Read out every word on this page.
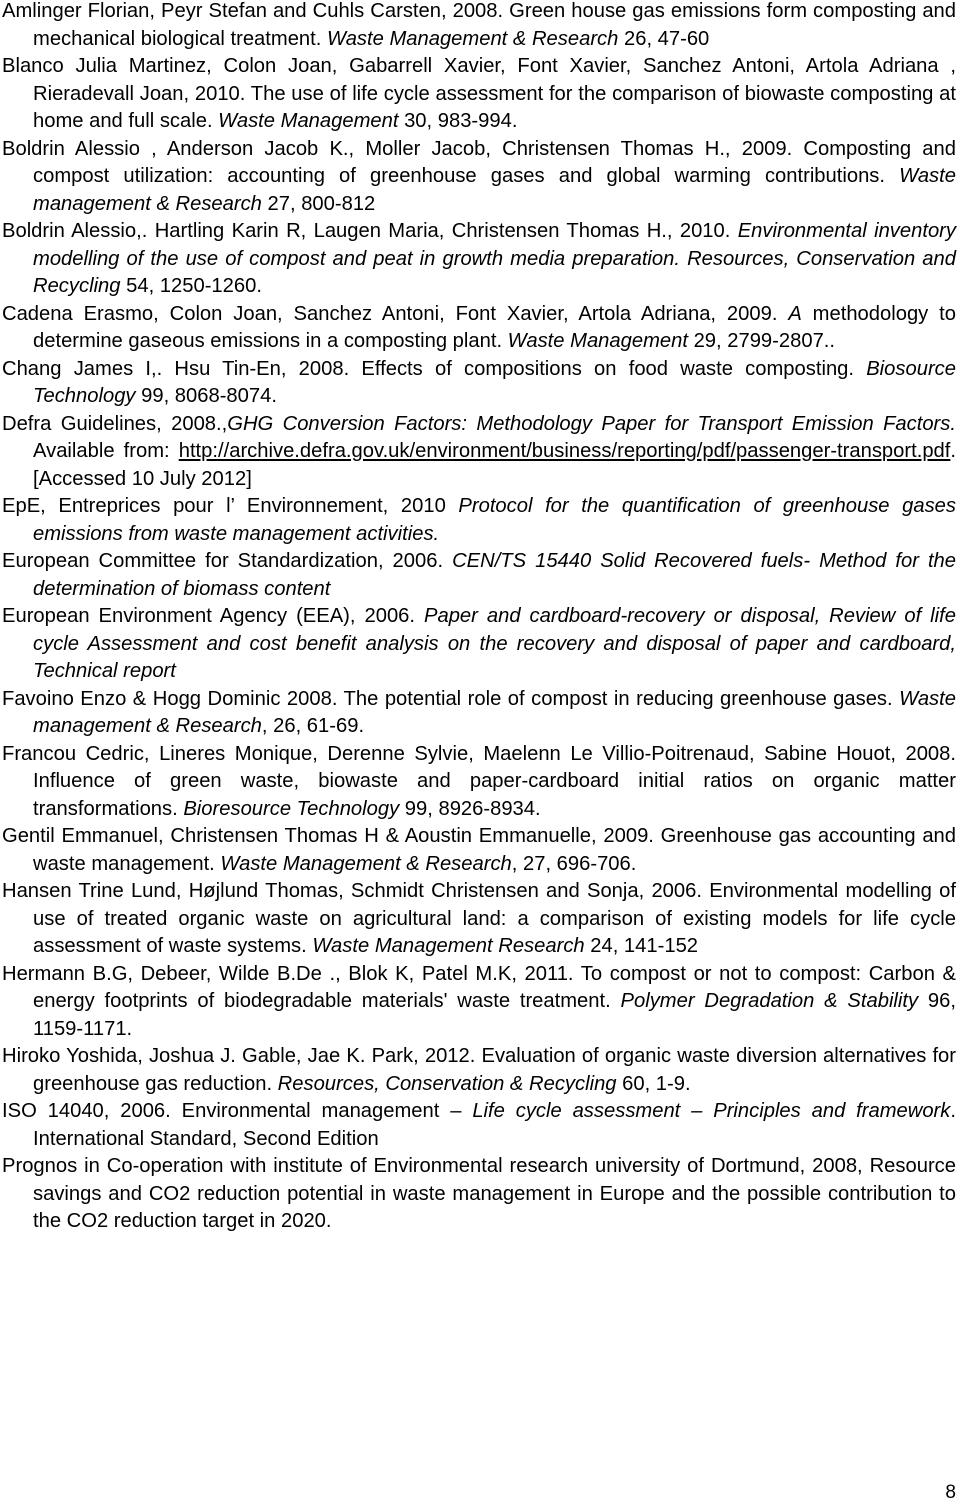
Amlinger Florian, Peyr Stefan and Cuhls Carsten, 2008. Green house gas emissions form composting and mechanical biological treatment. Waste Management & Research 26, 47-60
Blanco Julia Martinez, Colon Joan, Gabarrell Xavier, Font Xavier, Sanchez Antoni, Artola Adriana , Rieradevall Joan, 2010. The use of life cycle assessment for the comparison of biowaste composting at home and full scale. Waste Management 30, 983-994.
Boldrin Alessio , Anderson Jacob K., Moller Jacob, Christensen Thomas H., 2009. Composting and compost utilization: accounting of greenhouse gases and global warming contributions. Waste management & Research 27, 800-812
Boldrin Alessio,. Hartling Karin R, Laugen Maria, Christensen Thomas H., 2010. Environmental inventory modelling of the use of compost and peat in growth media preparation. Resources, Conservation and Recycling 54, 1250-1260.
Cadena Erasmo, Colon Joan, Sanchez Antoni, Font Xavier, Artola Adriana, 2009. A methodology to determine gaseous emissions in a composting plant. Waste Management 29, 2799-2807..
Chang James I,. Hsu Tin-En, 2008. Effects of compositions on food waste composting. Biosource Technology 99, 8068-8074.
Defra Guidelines, 2008.,GHG Conversion Factors: Methodology Paper for Transport Emission Factors. Available from: http://archive.defra.gov.uk/environment/business/reporting/pdf/passenger-transport.pdf. [Accessed 10 July 2012]
EpE, Entreprices pour l’ Environnement, 2010 Protocol for the quantification of greenhouse gases emissions from waste management activities.
European Committee for Standardization, 2006. CEN/TS 15440 Solid Recovered fuels- Method for the determination of biomass content
European Environment Agency (EEA), 2006. Paper and cardboard-recovery or disposal, Review of life cycle Assessment and cost benefit analysis on the recovery and disposal of paper and cardboard, Technical report
Favoino Enzo & Hogg Dominic 2008. The potential role of compost in reducing greenhouse gases. Waste management & Research, 26, 61-69.
Francou Cedric, Lineres Monique, Derenne Sylvie, Maelenn Le Villio-Poitrenaud, Sabine Houot, 2008. Influence of green waste, biowaste and paper-cardboard initial ratios on organic matter transformations. Bioresource Technology 99, 8926-8934.
Gentil Emmanuel, Christensen Thomas H & Aoustin Emmanuelle, 2009. Greenhouse gas accounting and waste management. Waste Management & Research, 27, 696-706.
Hansen Trine Lund, Højlund Thomas, Schmidt Christensen and Sonja, 2006. Environmental modelling of use of treated organic waste on agricultural land: a comparison of existing models for life cycle assessment of waste systems. Waste Management Research 24, 141-152
Hermann B.G, Debeer, Wilde B.De ., Blok K, Patel M.K, 2011. To compost or not to compost: Carbon & energy footprints of biodegradable materials' waste treatment. Polymer Degradation & Stability 96, 1159-1171.
Hiroko Yoshida, Joshua J. Gable, Jae K. Park, 2012. Evaluation of organic waste diversion alternatives for greenhouse gas reduction. Resources, Conservation & Recycling 60, 1-9.
ISO 14040, 2006. Environmental management – Life cycle assessment – Principles and framework. International Standard, Second Edition
Prognos in Co-operation with institute of Environmental research university of Dortmund, 2008, Resource savings and CO2 reduction potential in waste management in Europe and the possible contribution to the CO2 reduction target in 2020.
8
